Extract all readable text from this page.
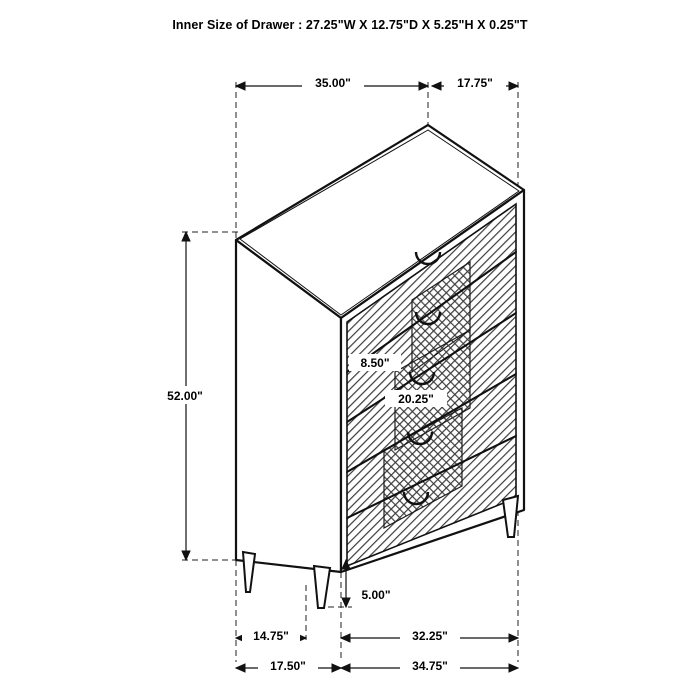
Inner Size of Drawer : 27.25"W X 12.75"D X 5.25"H X 0.25"T
35.00"	17.75"
52.00"
8.50"
20.25"
5.00"
14.75"	32.25"
17.50"	34.75"
